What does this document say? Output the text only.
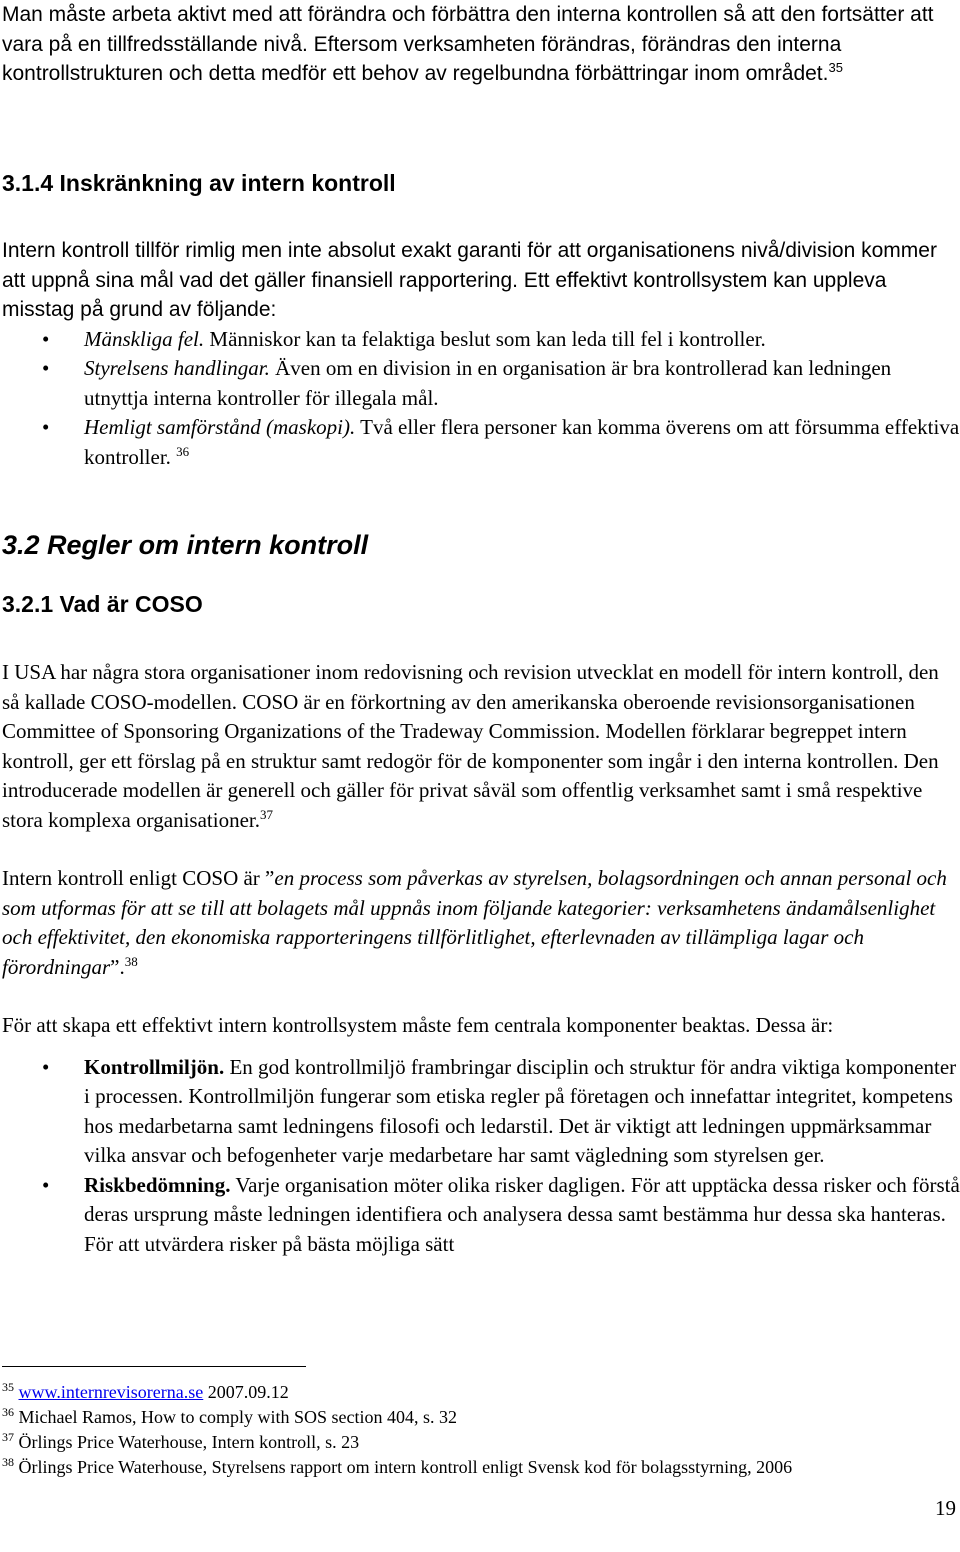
Man måste arbeta aktivt med att förändra och förbättra den interna kontrollen så att den fortsätter att vara på en tillfredsställande nivå. Eftersom verksamheten förändras, förändras den interna kontrollstrukturen och detta medför ett behov av regelbundna förbättringar inom området.$^{35}$

3.1.4 Inskränkning av intern kontroll

Intern kontroll tillför rimlig men inte absolut exakt garanti för att organisationens nivå/division kommer att uppnå sina mål vad det gäller finansiell rapportering. Ett effektivt kontrollsystem kan uppleva misstag på grund av följande:

• Mänskliga fel. Människor kan ta felaktiga beslut som kan leda till fel i kontroller.
• Styrelsens handlingar. Även om en division in en organisation är bra kontrollerad kan ledningen utnyttja interna kontroller för illegala mål.
• Hemligt samförstånd (maskopi). Två eller flera personer kan komma överens om att försumma effektiva kontroller. $^{36}$
3.2 Regler om intern kontroll
3.2.1 Vad är COSO

I USA har några stora organisationer inom redovisning och revision utvecklat en modell för intern kontroll, den så kallade COSO-modellen. COSO är en förkortning av den amerikanska oberoende revisionsorganisationen Committee of Sponsoring Organizations of the Tradeway Commission. Modellen förklarar begreppet intern kontroll, ger ett förslag på en struktur samt redogör för de komponenter som ingår i den interna kontrollen. Den introducerade modellen är generell och gäller för privat såväl som offentlig verksamhet samt i små respektive stora komplexa organisationer.$^{37}$

Intern kontroll enligt COSO är ”en process som påverkas av styrelsen, bolagsordningen och annan personal och som utformas för att se till att bolagets mål uppnås inom följande kategorier: verksamhetens ändamålsenlighet och effektivitet, den ekonomiska rapporteringens tillförlitlighet, efterlevnaden av tillämpliga lagar och förordningar”.$^{38}$

För att skapa ett effektivt intern kontrollsystem måste fem centrala komponenter beaktas. Dessa är:

• Kontrollmiljön. En god kontrollmiljö frambringar disciplin och struktur för andra viktiga komponenter i processen. Kontrollmiljön fungerar som etiska regler på företagen och innefattar integritet, kompetens hos medarbetarna samt ledningens filosofi och ledarstil. Det är viktigt att ledningen uppmärksammar vilka ansvar och befogenheter varje medarbetare har samt vägledning som styrelsen ger.
• Riskbedömning. Varje organisation möter olika risker dagligen. För att upptäcka dessa risker och förstå deras ursprung måste ledningen identifiera och analysera dessa samt bestämma hur dessa ska hanteras. För att utvärdera risker på bästa möjliga sätt
$^{35}$ www.internrevisorerna.se 2007.09.12
$^{36}$ Michael Ramos, How to comply with SOS section 404, s. 32
$^{37}$ Örlings Price Waterhouse, Intern kontroll, s. 23
$^{38}$ Örlings Price Waterhouse, Styrelsens rapport om intern kontroll enligt Svensk kod för bolagsstyrning, 2006
19
